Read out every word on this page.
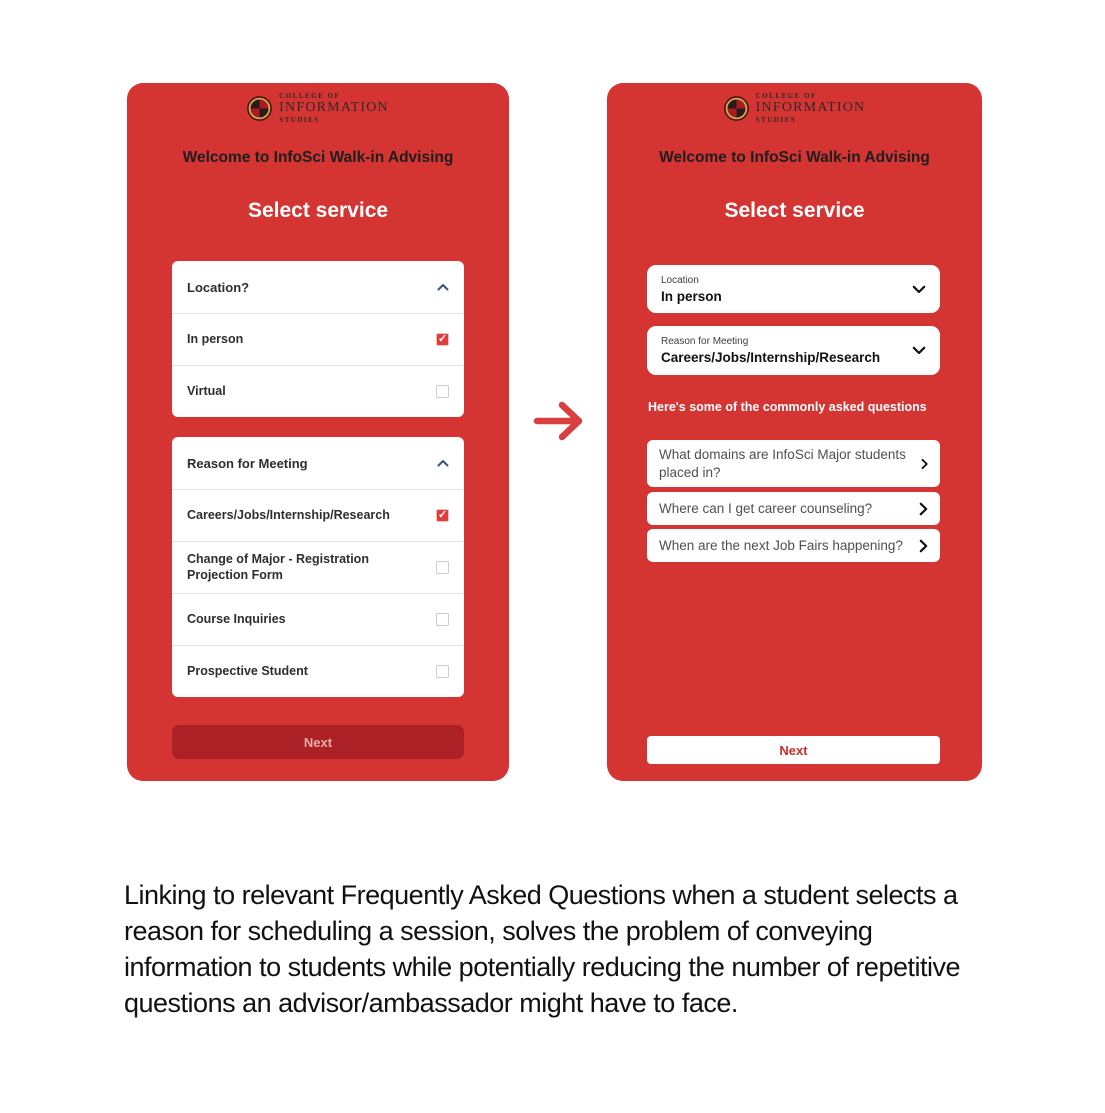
COLLEGE OF
INFORMATION
STUDIES
Welcome to InfoSci Walk-in Advising
Select service
Location?
In person
✓
Virtual
Reason for Meeting
Careers/Jobs/Internship/Research
✓
Change of Major - Registration Projection Form
Course Inquiries
Prospective Student
Next
COLLEGE OF
INFORMATION
STUDIES
Welcome to InfoSci Walk-in Advising
Select service
Location
In person
Reason for Meeting
Careers/Jobs/Internship/Research
Here's some of the commonly asked questions
What domains are InfoSci Major students placed in?
Where can I get career counseling?
When are the next Job Fairs happening?
Next
Linking to relevant Frequently Asked Questions when a student selects a reason for scheduling a session, solves the problem of conveying information to students while potentially reducing the number of repetitive questions an advisor/ambassador might have to face.
